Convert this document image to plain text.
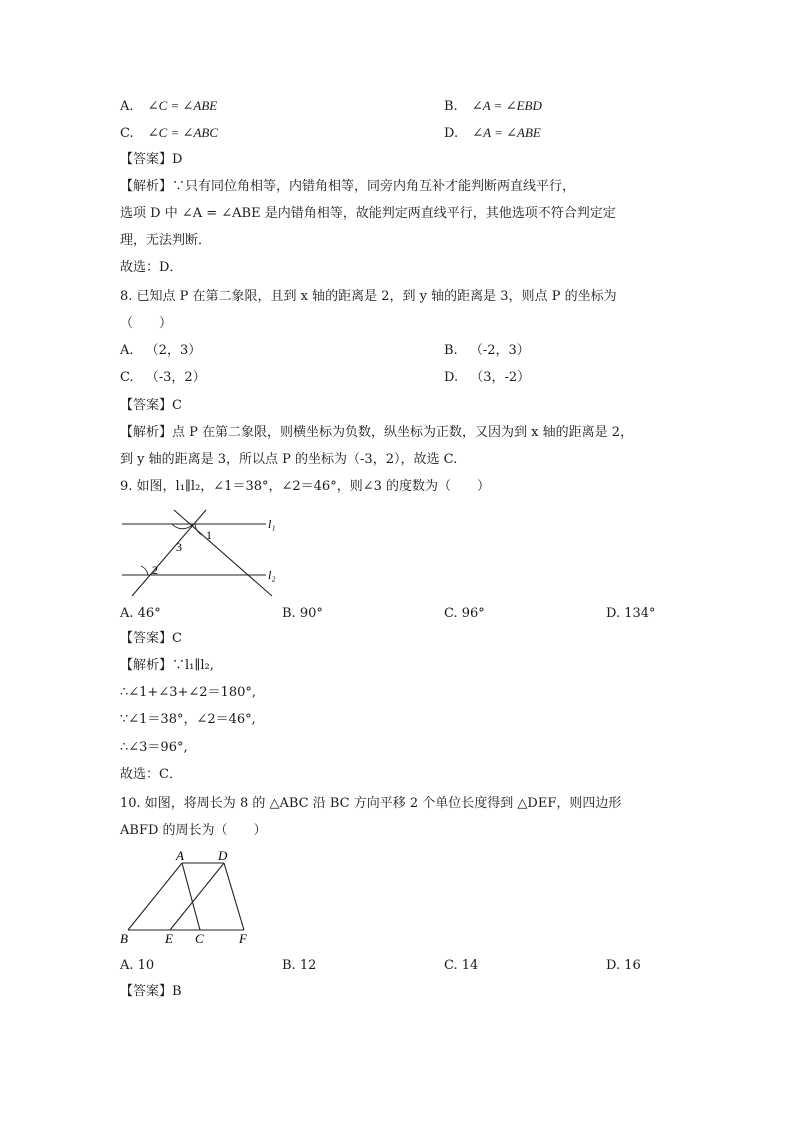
A. ∠C = ∠ABE	B. ∠A = ∠EBD
C. ∠C = ∠ABC	D. ∠A = ∠ABE
【答案】D
【解析】∵只有同位角相等，内错角相等，同旁内角互补才能判断两直线平行，
选项 D 中 ∠A = ∠ABE 是内错角相等，故能判定两直线平行，其他选项不符合判定定
理，无法判断．
故选：D．
8. 已知点 P 在第二象限，且到 x 轴的距离是 2，到 y 轴的距离是 3，则点 P 的坐标为
（　　）
A. （2，3）	B. （-2，3）
C. （-3，2）	D. （3，-2）
【答案】C
【解析】点 P 在第二象限，则横坐标为负数，纵坐标为正数，又因为到 x 轴的距离是 2，
到 y 轴的距离是 3，所以点 P 的坐标为（-3，2），故选 C.
9. 如图，l₁∥l₂，∠1＝38°，∠2＝46°，则∠3 的度数为（　　）
l₁
l₂
1
2
3
A. 46°	B. 90°	C. 96°	D. 134°
【答案】C
【解析】∵l₁∥l₂,
∴∠1+∠3+∠2＝180°,
∵∠1＝38°，∠2＝46°,
∴∠3＝96°,
故选：C．
10. 如图，将周长为 8 的 △ABC 沿 BC 方向平移 2 个单位长度得到 △DEF，则四边形
ABFD 的周长为（　　）
A	D
B	E C	F
A. 10	B. 12	C. 14	D. 16
【答案】B
